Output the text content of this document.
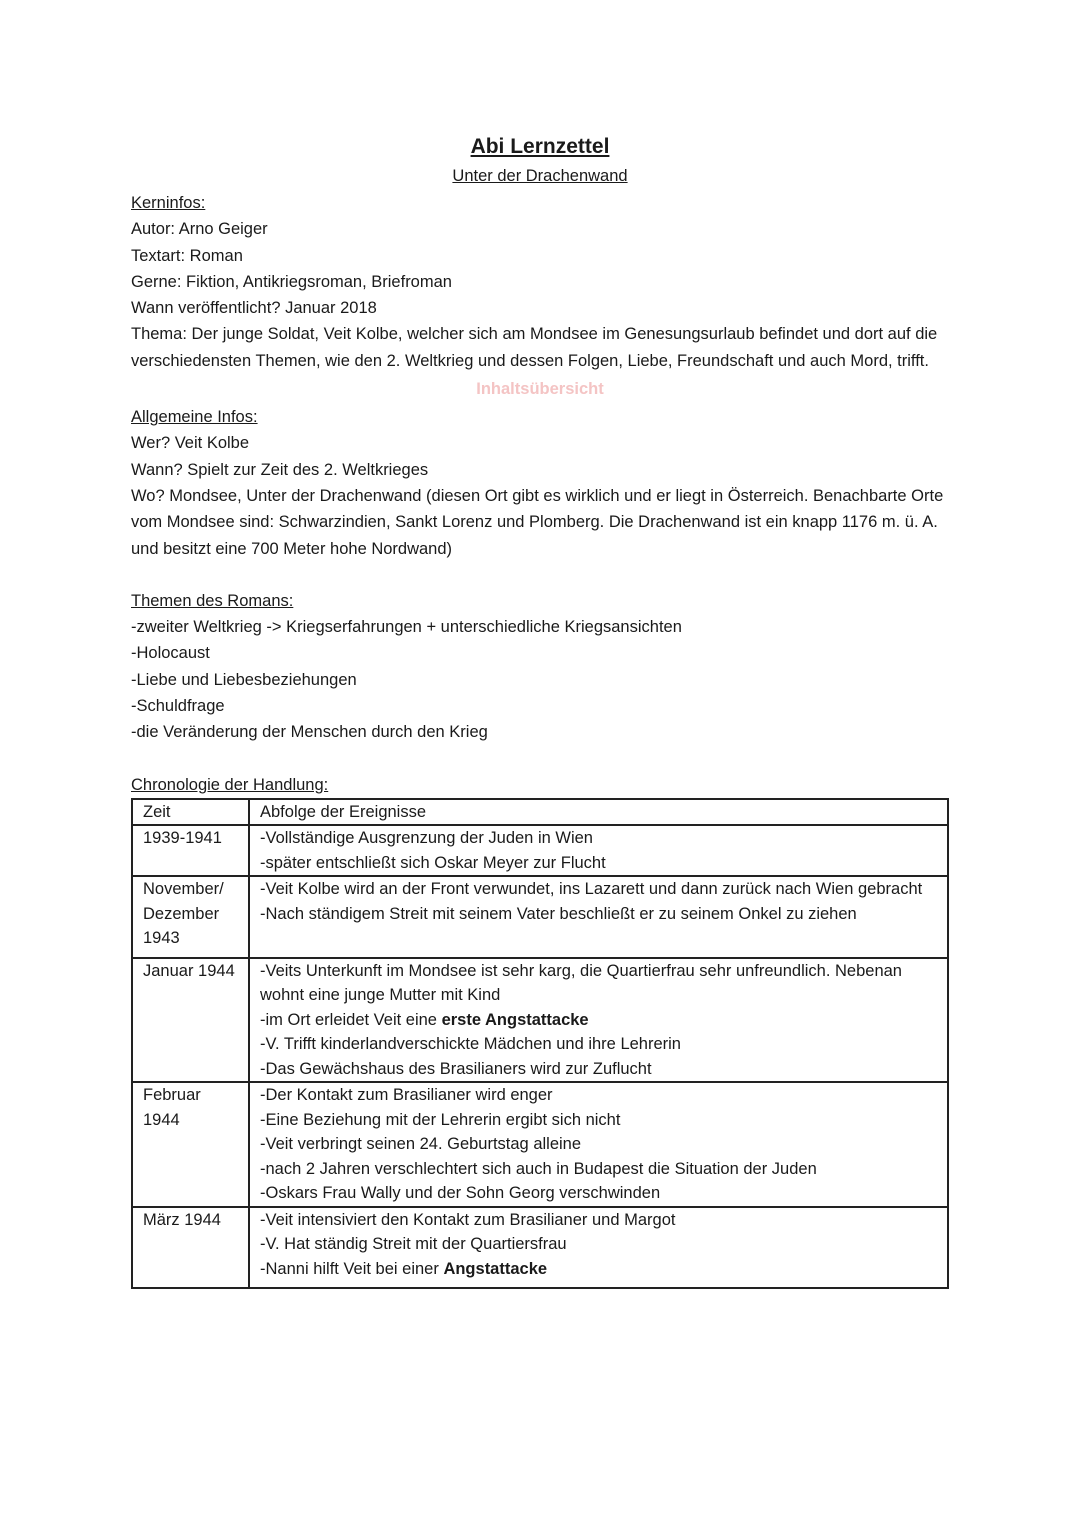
Abi Lernzettel

Unter der Drachenwand

Kerninfos:

Autor: Arno Geiger

Textart: Roman

Gerne: Fiktion, Antikriegsroman, Briefroman

Wann veröffentlicht? Januar 2018

Thema: Der junge Soldat, Veit Kolbe, welcher sich am Mondsee im Genesungsurlaub befindet und dort auf die verschiedensten Themen, wie den 2. Weltkrieg und dessen Folgen, Liebe, Freundschaft und auch Mord, trifft.

Inhaltsübersicht

Allgemeine Infos:

Wer? Veit Kolbe

Wann? Spielt zur Zeit des 2. Weltkrieges

Wo? Mondsee, Unter der Drachenwand (diesen Ort gibt es wirklich und er liegt in Österreich. Benachbarte Orte vom Mondsee sind: Schwarzindien, Sankt Lorenz und Plomberg. Die Drachenwand ist ein knapp 1176 m. ü. A. und besitzt eine 700 Meter hohe Nordwand)

Themen des Romans:

-zweiter Weltkrieg -> Kriegserfahrungen + unterschiedliche Kriegsansichten

-Holocaust

-Liebe und Liebesbeziehungen

-Schuldfrage

-die Veränderung der Menschen durch den Krieg

Chronologie der Handlung:

Zeit	Abfolge der Ereignisse
1939-1941	-Vollständige Ausgrenzung der Juden in Wien
-später entschließt sich Oskar Meyer zur Flucht

November/ Dezember 1943	-Veit Kolbe wird an der Front verwundet, ins Lazarett und dann zurück nach Wien gebracht
-Nach ständigem Streit mit seinem Vater beschließt er zu seinem Onkel zu ziehen

Januar 1944	-Veits Unterkunft im Mondsee ist sehr karg, die Quartierfrau sehr unfreundlich. Nebenan wohnt eine junge Mutter mit Kind
-im Ort erleidet Veit eine erste Angstattacke
-V. Trifft kinderlandverschickte Mädchen und ihre Lehrerin
-Das Gewächshaus des Brasilianers wird zur Zuflucht

Februar 1944	-Der Kontakt zum Brasilianer wird enger
-Eine Beziehung mit der Lehrerin ergibt sich nicht
-Veit verbringt seinen 24. Geburtstag alleine
-nach 2 Jahren verschlechtert sich auch in Budapest die Situation der Juden
-Oskars Frau Wally und der Sohn Georg verschwinden

März 1944	-Veit intensiviert den Kontakt zum Brasilianer und Margot
-V. Hat ständig Streit mit der Quartiersfrau
-Nanni hilft Veit bei einer Angstattacke
